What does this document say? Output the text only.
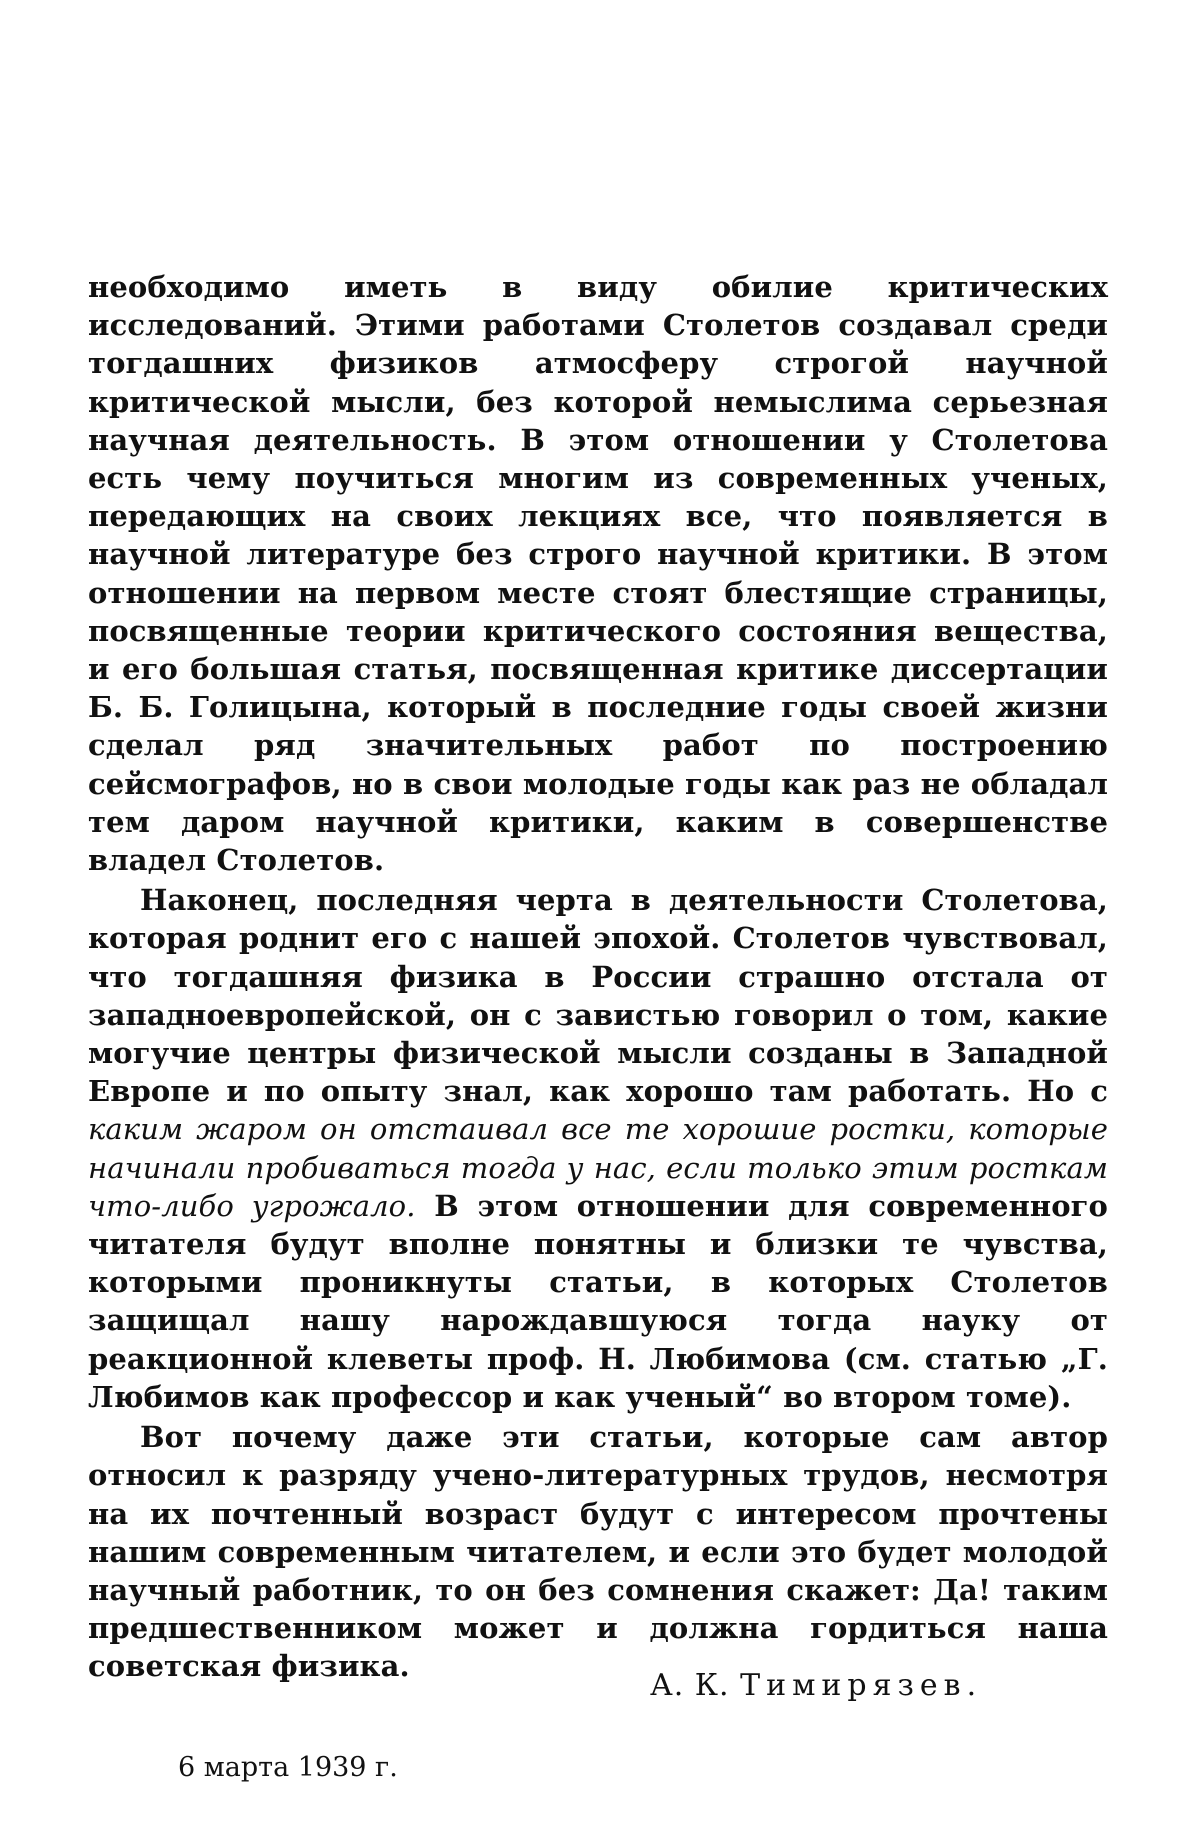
необходимо иметь в виду обилие критических исследований. Этими работами Столетов создавал среди тогдашних физиков атмосферу строгой научной критической мысли, без которой немыслима серьезная научная деятельность. В этом отношении у Столетова есть чему поучиться многим из современных ученых, передающих на своих лекциях все, что появляется в научной литературе без строго научной критики. В этом отношении на первом месте стоят блестящие страницы, посвященные теории критического состояния вещества, и его большая статья, посвященная критике диссертации Б. Б. Голицына, который в последние годы своей жизни сделал ряд значительных работ по построению сейсмографов, но в свои молодые годы как раз не обладал тем даром научной критики, каким в совершенстве владел Столетов.

Наконец, последняя черта в деятельности Столетова, которая роднит его с нашей эпохой. Столетов чувствовал, что тогдашняя физика в России страшно отстала от западноевропейской, он с завистью говорил о том, какие могучие центры физической мысли созданы в Западной Европе и по опыту знал, как хорошо там работать. Но с каким жаром он отстаивал все те хорошие ростки, которые начинали пробиваться тогда у нас, если только этим росткам что-либо угрожало. В этом отношении для современного читателя будут вполне понятны и близки те чувства, которыми проникнуты статьи, в которых Столетов защищал нашу нарождавшуюся тогда науку от реакционной клеветы проф. Н. Любимова (см. статью „Г. Любимов как профессор и как ученый“ во втором томе).

Вот почему даже эти статьи, которые сам автор относил к разряду учено-литературных трудов, несмотря на их почтенный возраст будут с интересом прочтены нашим современным читателем, и если это будет молодой научный работник, то он без сомнения скажет: Да! таким предшественником может и должна гордиться наша советская физика.

А. К. Тимирязев.
6 марта 1939 г.
